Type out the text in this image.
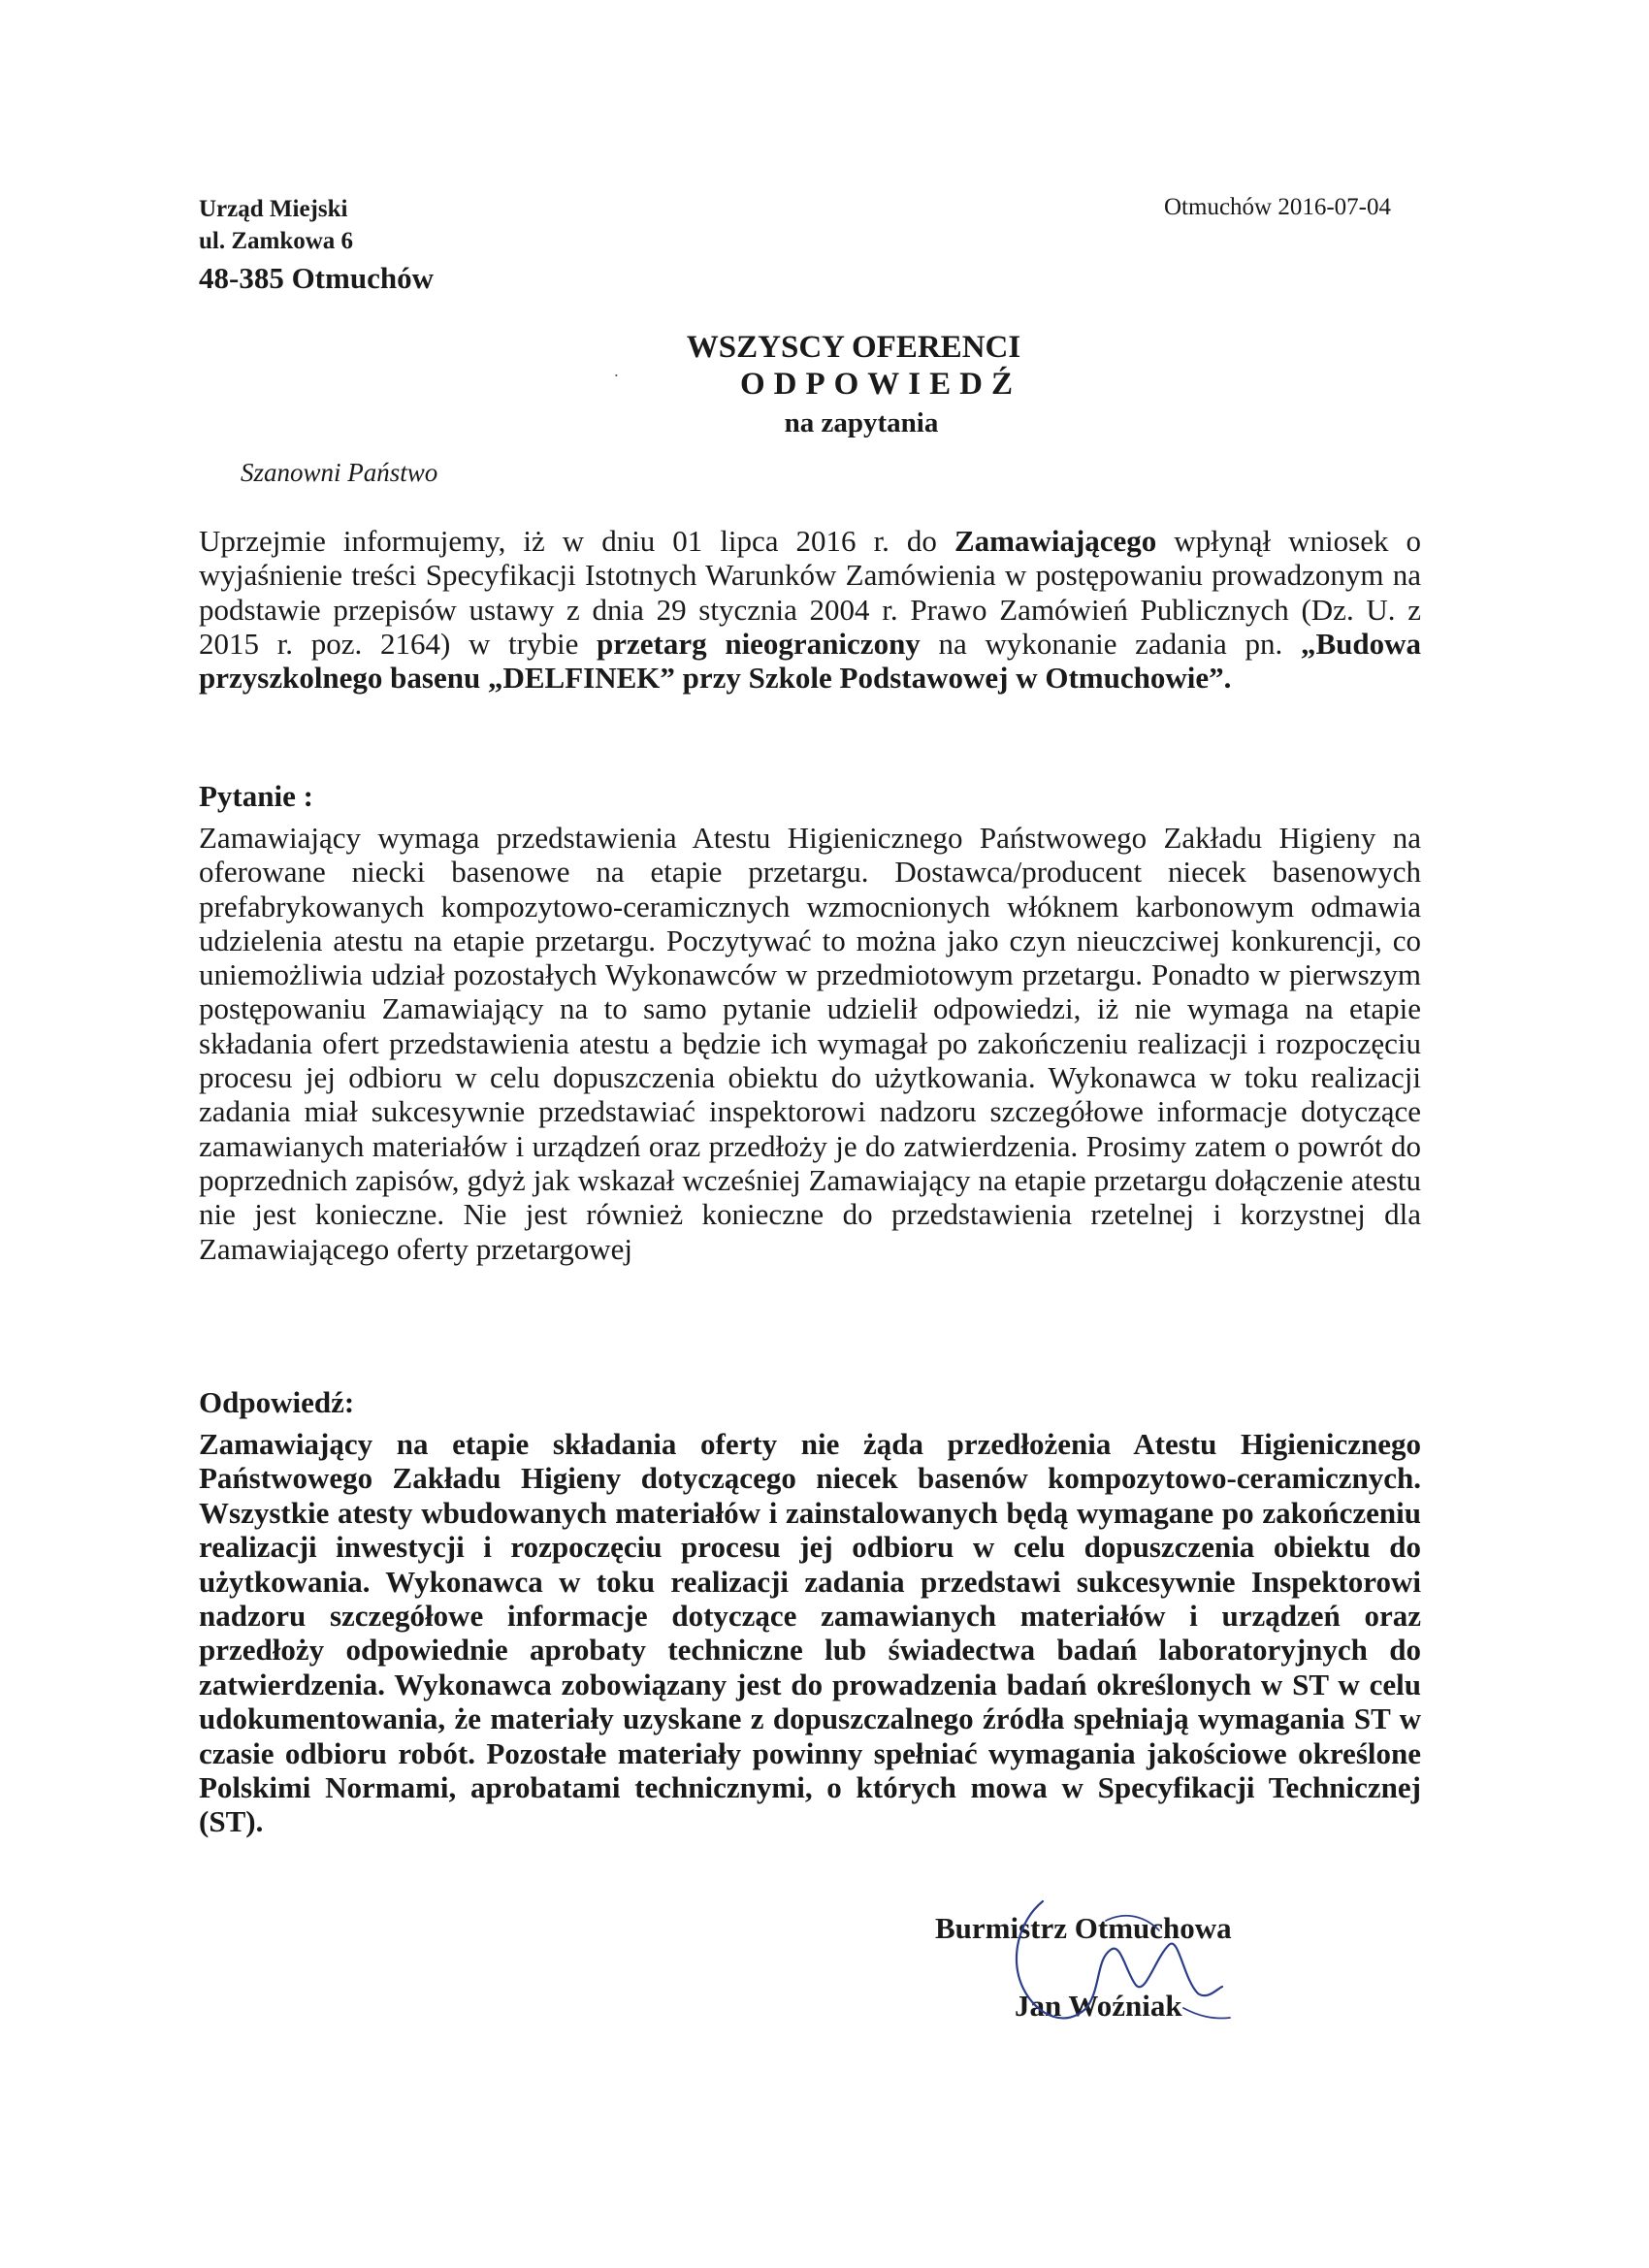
Urząd Miejski
ul. Zamkowa 6
48-385 Otmuchów
Otmuchów 2016-07-04
WSZYSCY OFERENCI
˙	ODPOWIEDŹ
na zapytania
Szanowni Państwo
Uprzejmie informujemy, iż w dniu 01 lipca 2016 r. do Zamawiającego wpłynął wniosek o wyjaśnienie treści Specyfikacji Istotnych Warunków Zamówienia w postępowaniu prowadzonym na podstawie przepisów ustawy z dnia 29 stycznia 2004 r. Prawo Zamówień Publicznych (Dz. U. z 2015 r. poz. 2164) w trybie przetarg nieograniczony na wykonanie zadania pn. „Budowa przyszkolnego basenu „DELFINEK” przy Szkole Podstawowej w Otmuchowie”.
Pytanie :
Zamawiający wymaga przedstawienia Atestu Higienicznego Państwowego Zakładu Higieny na oferowane niecki basenowe na etapie przetargu. Dostawca/producent niecek basenowych prefabrykowanych kompozytowo-ceramicznych wzmocnionych włóknem karbonowym odmawia udzielenia atestu na etapie przetargu. Poczytywać to można jako czyn nieuczciwej konkurencji, co uniemożliwia udział pozostałych Wykonawców w przedmiotowym przetargu. Ponadto w pierwszym postępowaniu Zamawiający na to samo pytanie udzielił odpowiedzi, iż nie wymaga na etapie składania ofert przedstawienia atestu a będzie ich wymagał po zakończeniu realizacji i rozpoczęciu procesu jej odbioru w celu dopuszczenia obiektu do użytkowania. Wykonawca w toku realizacji zadania miał sukcesywnie przedstawiać inspektorowi nadzoru szczegółowe informacje dotyczące zamawianych materiałów i urządzeń oraz przedłoży je do zatwierdzenia. Prosimy zatem o powrót do poprzednich zapisów, gdyż jak wskazał wcześniej Zamawiający na etapie przetargu dołączenie atestu nie jest konieczne. Nie jest również konieczne do przedstawienia rzetelnej i korzystnej dla Zamawiającego oferty przetargowej
Odpowiedź:
Zamawiający na etapie składania oferty nie żąda przedłożenia Atestu Higienicznego Państwowego Zakładu Higieny dotyczącego niecek basenów kompozytowo-ceramicznych. Wszystkie atesty wbudowanych materiałów i zainstalowanych będą wymagane po zakończeniu realizacji inwestycji i rozpoczęciu procesu jej odbioru w celu dopuszczenia obiektu do użytkowania. Wykonawca w toku realizacji zadania przedstawi sukcesywnie Inspektorowi nadzoru szczegółowe informacje dotyczące zamawianych materiałów i urządzeń oraz przedłoży odpowiednie aprobaty techniczne lub świadectwa badań laboratoryjnych do zatwierdzenia. Wykonawca zobowiązany jest do prowadzenia badań określonych w ST w celu udokumentowania, że materiały uzyskane z dopuszczalnego źródła spełniają wymagania ST w czasie odbioru robót. Pozostałe materiały powinny spełniać wymagania jakościowe określone Polskimi Normami, aprobatami technicznymi, o których mowa w Specyfikacji Technicznej (ST).
Burmistrz Otmuchowa
Jan Woźniak
